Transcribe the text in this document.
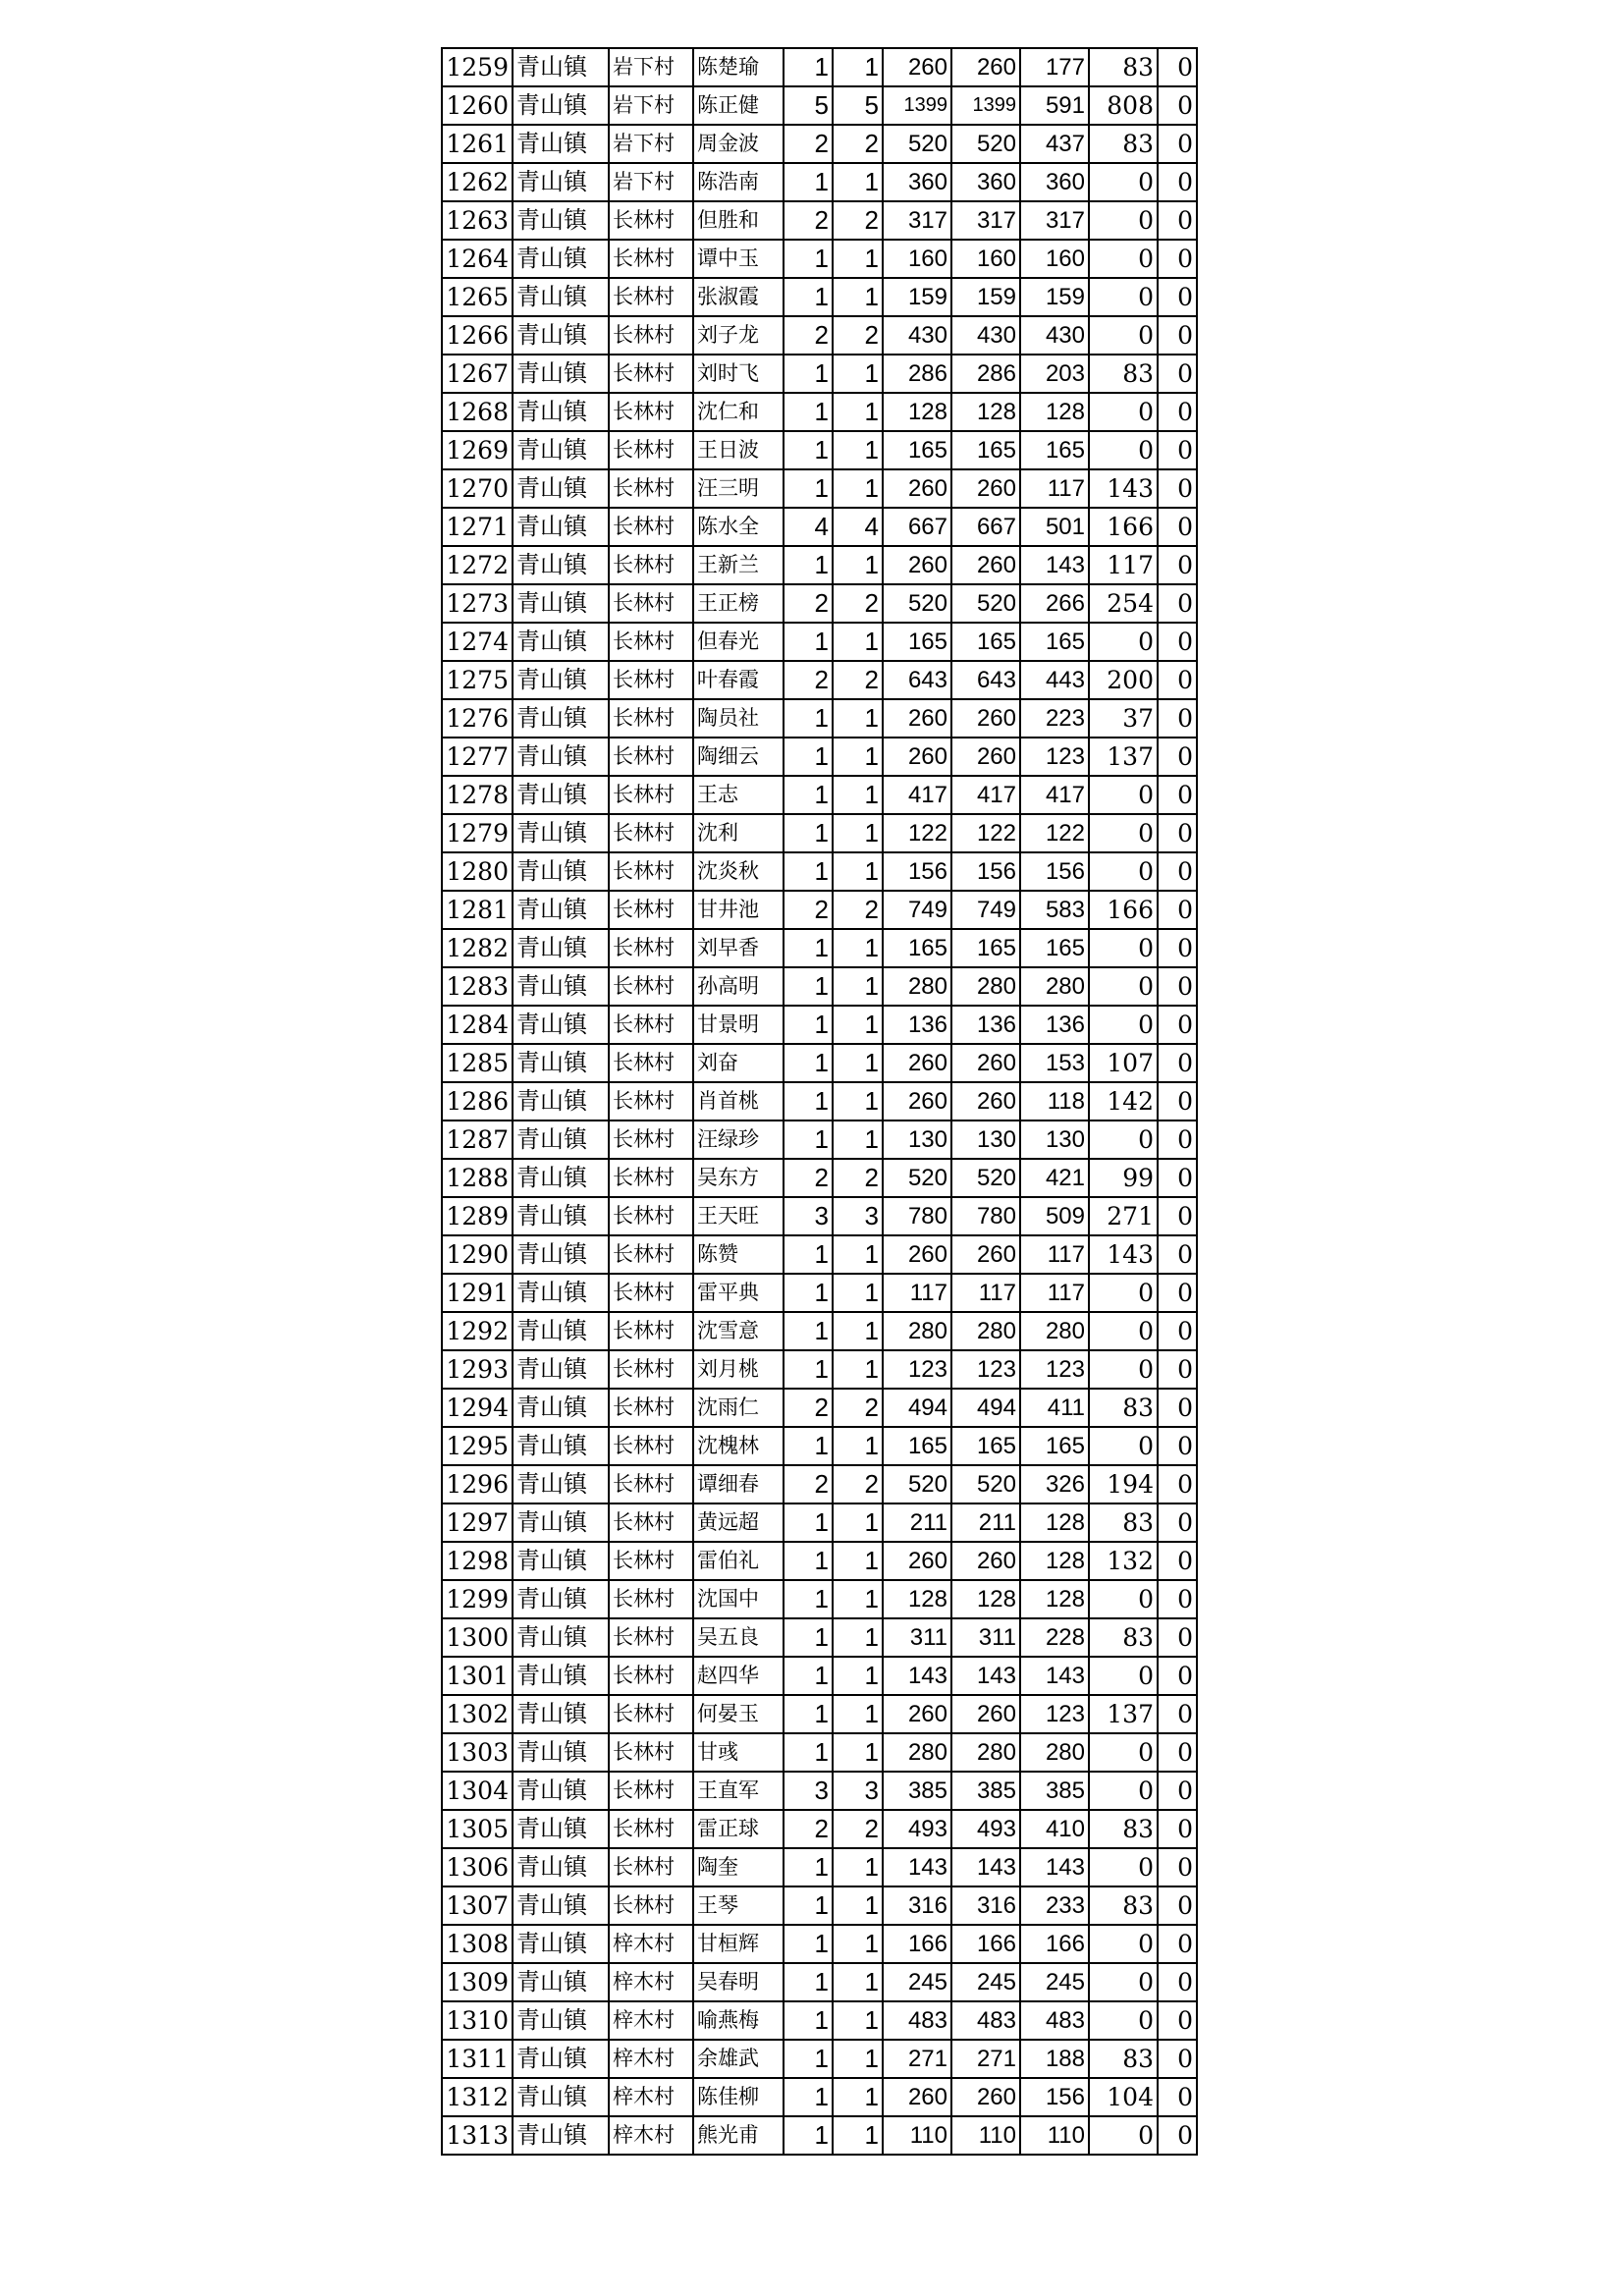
1259	青山镇	岩下村	陈楚瑜	1	1	260	260	177	83	0
1260	青山镇	岩下村	陈正健	5	5	1399	1399	591	808	0
1261	青山镇	岩下村	周金波	2	2	520	520	437	83	0
1262	青山镇	岩下村	陈浩南	1	1	360	360	360	0	0
1263	青山镇	长林村	但胜和	2	2	317	317	317	0	0
1264	青山镇	长林村	谭中玉	1	1	160	160	160	0	0
1265	青山镇	长林村	张淑霞	1	1	159	159	159	0	0
1266	青山镇	长林村	刘子龙	2	2	430	430	430	0	0
1267	青山镇	长林村	刘时飞	1	1	286	286	203	83	0
1268	青山镇	长林村	沈仁和	1	1	128	128	128	0	0
1269	青山镇	长林村	王日波	1	1	165	165	165	0	0
1270	青山镇	长林村	汪三明	1	1	260	260	117	143	0
1271	青山镇	长林村	陈水全	4	4	667	667	501	166	0
1272	青山镇	长林村	王新兰	1	1	260	260	143	117	0
1273	青山镇	长林村	王正榜	2	2	520	520	266	254	0
1274	青山镇	长林村	但春光	1	1	165	165	165	0	0
1275	青山镇	长林村	叶春霞	2	2	643	643	443	200	0
1276	青山镇	长林村	陶员社	1	1	260	260	223	37	0
1277	青山镇	长林村	陶细云	1	1	260	260	123	137	0
1278	青山镇	长林村	王志	1	1	417	417	417	0	0
1279	青山镇	长林村	沈利	1	1	122	122	122	0	0
1280	青山镇	长林村	沈炎秋	1	1	156	156	156	0	0
1281	青山镇	长林村	甘井池	2	2	749	749	583	166	0
1282	青山镇	长林村	刘早香	1	1	165	165	165	0	0
1283	青山镇	长林村	孙高明	1	1	280	280	280	0	0
1284	青山镇	长林村	甘景明	1	1	136	136	136	0	0
1285	青山镇	长林村	刘奋	1	1	260	260	153	107	0
1286	青山镇	长林村	肖首桃	1	1	260	260	118	142	0
1287	青山镇	长林村	汪绿珍	1	1	130	130	130	0	0
1288	青山镇	长林村	吴东方	2	2	520	520	421	99	0
1289	青山镇	长林村	王天旺	3	3	780	780	509	271	0
1290	青山镇	长林村	陈赞	1	1	260	260	117	143	0
1291	青山镇	长林村	雷平典	1	1	117	117	117	0	0
1292	青山镇	长林村	沈雪意	1	1	280	280	280	0	0
1293	青山镇	长林村	刘月桃	1	1	123	123	123	0	0
1294	青山镇	长林村	沈雨仁	2	2	494	494	411	83	0
1295	青山镇	长林村	沈槐林	1	1	165	165	165	0	0
1296	青山镇	长林村	谭细春	2	2	520	520	326	194	0
1297	青山镇	长林村	黄远超	1	1	211	211	128	83	0
1298	青山镇	长林村	雷伯礼	1	1	260	260	128	132	0
1299	青山镇	长林村	沈国中	1	1	128	128	128	0	0
1300	青山镇	长林村	吴五良	1	1	311	311	228	83	0
1301	青山镇	长林村	赵四华	1	1	143	143	143	0	0
1302	青山镇	长林村	何晏玉	1	1	260	260	123	137	0
1303	青山镇	长林村	甘彧	1	1	280	280	280	0	0
1304	青山镇	长林村	王直军	3	3	385	385	385	0	0
1305	青山镇	长林村	雷正球	2	2	493	493	410	83	0
1306	青山镇	长林村	陶奎	1	1	143	143	143	0	0
1307	青山镇	长林村	王琴	1	1	316	316	233	83	0
1308	青山镇	梓木村	甘桓辉	1	1	166	166	166	0	0
1309	青山镇	梓木村	吴春明	1	1	245	245	245	0	0
1310	青山镇	梓木村	喻燕梅	1	1	483	483	483	0	0
1311	青山镇	梓木村	余雄武	1	1	271	271	188	83	0
1312	青山镇	梓木村	陈佳柳	1	1	260	260	156	104	0
1313	青山镇	梓木村	熊光甫	1	1	110	110	110	0	0
